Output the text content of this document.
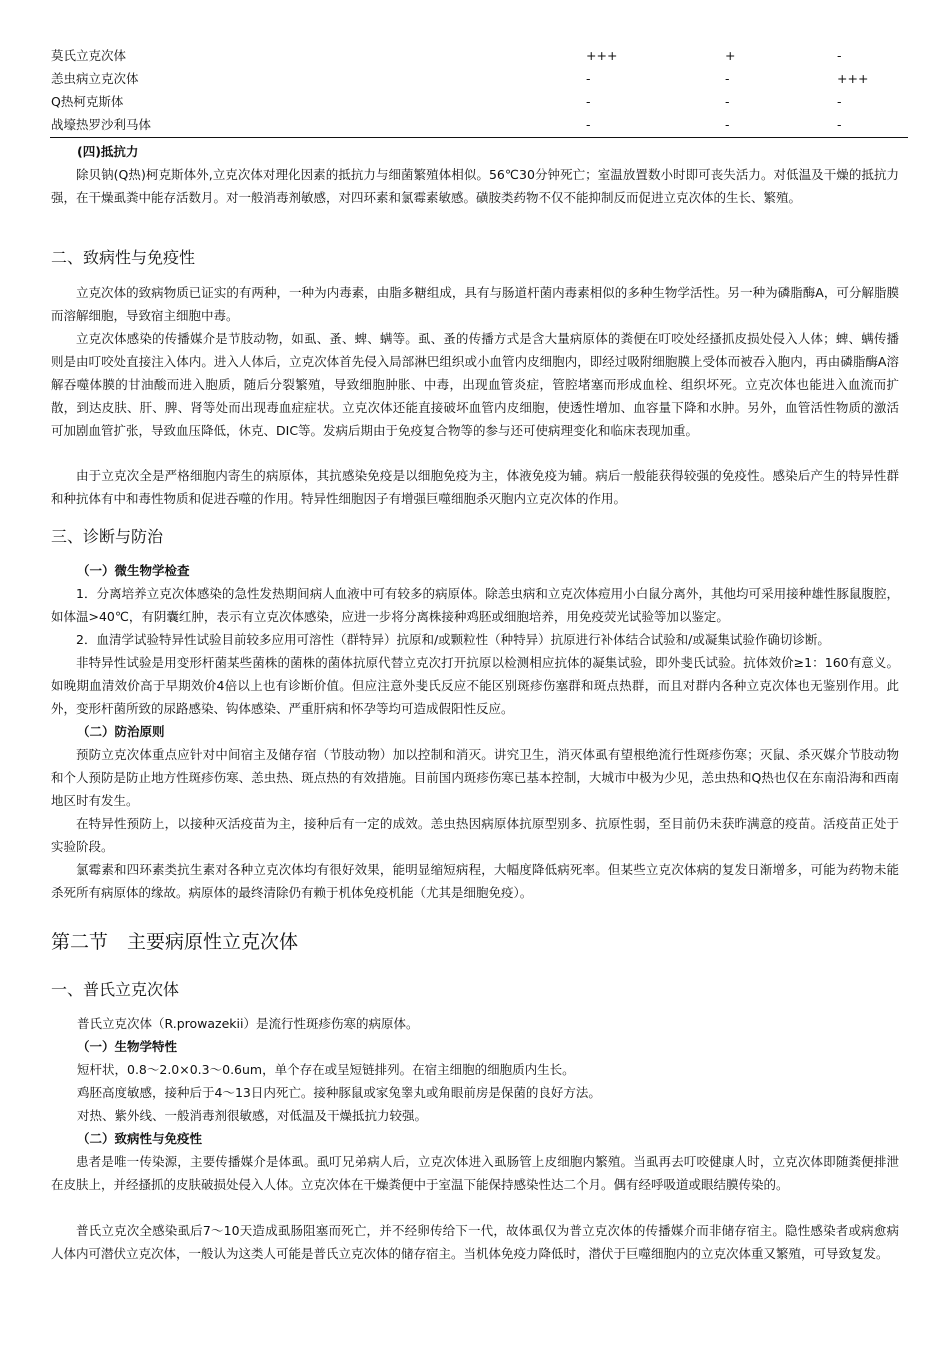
莫氏立克次体	+++	+	-
恙虫病立克次体	-	-	+++
Q热柯克斯体	-	-	-
战壕热罗沙利马体	-	-	-

(四)抵抗力

除贝钠(Q热)柯克斯体外,立克次体对理化因素的抵抗力与细菌繁殖体相似。56℃30分钟死亡；室温放置数小时即可丧失活力。对低温及干燥的抵抗力强，在干燥虱粪中能存活数月。对一般消毒剂敏感，对四环素和氯霉素敏感。磺胺类药物不仅不能抑制反而促进立克次体的生长、繁殖。

二、致病性与免疫性

立克次体的致病物质已证实的有两种，一种为内毒素，由脂多糖组成，具有与肠道杆菌内毒素相似的多种生物学活性。另一种为磷脂酶A，可分解脂膜而溶解细胞，导致宿主细胞中毒。

立克次体感染的传播媒介是节肢动物，如虱、蚤、蜱、螨等。虱、蚤的传播方式是含大量病原体的粪便在叮咬处经搔抓皮损处侵入人体；蜱、螨传播则是由叮咬处直接注入体内。进入人体后，立克次体首先侵入局部淋巴组织或小血管内皮细胞内，即经过吸附细胞膜上受体而被吞入胞内，再由磷脂酶A溶解吞噬体膜的甘油酸而进入胞质，随后分裂繁殖，导致细胞肿胀、中毒，出现血管炎症，管腔堵塞而形成血栓、组织坏死。立克次体也能进入血流而扩散，到达皮肤、肝、脾、肾等处而出现毒血症症状。立克次体还能直接破坏血管内皮细胞，使透性增加、血容量下降和水肿。另外，血管活性物质的激活可加剧血管扩张，导致血压降低，休克、DIC等。发病后期由于免疫复合物等的参与还可使病理变化和临床表现加重。

由于立克次全是严格细胞内寄生的病原体，其抗感染免疫是以细胞免疫为主，体液免疫为辅。病后一般能获得较强的免疫性。感染后产生的特异性群和种抗体有中和毒性物质和促进吞噬的作用。特异性细胞因子有增强巨噬细胞杀灭胞内立克次体的作用。

三、诊断与防治

（一）微生物学检查

1．分离培养立克次体感染的急性发热期间病人血液中可有较多的病原体。除恙虫病和立克次体痘用小白鼠分离外，其他均可采用接种雄性豚鼠腹腔，如体温>40℃，有阴囊红肿，表示有立克次体感染，应进一步将分离株接种鸡胚或细胞培养，用免疫荧光试验等加以鉴定。

2．血清学试验特异性试验目前较多应用可溶性（群特异）抗原和/或颗粒性（种特异）抗原进行补体结合试验和/或凝集试验作确切诊断。

非特异性试验是用变形杆菌某些菌株的菌株的菌体抗原代替立克次打开抗原以检测相应抗体的凝集试验，即外斐氏试验。抗体效价≥1：160有意义。如晚期血清效价高于早期效价4倍以上也有诊断价值。但应注意外斐氏反应不能区别斑疹伤塞群和斑点热群，而且对群内各种立克次体也无鉴别作用。此外，变形杆菌所致的尿路感染、钩体感染、严重肝病和怀孕等均可造成假阳性反应。

（二）防治原则

预防立克次体重点应针对中间宿主及储存宿（节肢动物）加以控制和消灭。讲究卫生，消灭体虱有望根绝流行性斑疹伤寒；灭鼠、杀灭媒介节肢动物和个人预防是防止地方性斑疹伤寒、恙虫热、斑点热的有效措施。目前国内斑疹伤寒已基本控制，大城市中极为少见，恙虫热和Q热也仅在东南沿海和西南地区时有发生。

在特异性预防上，以接种灭活疫苗为主，接种后有一定的成效。恙虫热因病原体抗原型别多、抗原性弱，至目前仍未获昨满意的疫苗。活疫苗正处于实验阶段。

氯霉素和四环素类抗生素对各种立克次体均有很好效果，能明显缩短病程，大幅度降低病死率。但某些立克次体病的复发日渐增多，可能为药物未能杀死所有病原体的缘故。病原体的最终清除仍有赖于机体免疫机能（尤其是细胞免疫）。

第二节　主要病原性立克次体
一、普氏立克次体

普氏立克次体（R.prowazekii）是流行性斑疹伤寒的病原体。

（一）生物学特性

短杆状，0.8～2.0×0.3～0.6um，单个存在或呈短链排列。在宿主细胞的细胞质内生长。

鸡胚高度敏感，接种后于4～13日内死亡。接种豚鼠或家兔睾丸或角眼前房是保菌的良好方法。

对热、紫外线、一般消毒剂很敏感，对低温及干燥抵抗力较强。

（二）致病性与免疫性

患者是唯一传染源，主要传播媒介是体虱。虱叮兄弟病人后，立克次体进入虱肠管上皮细胞内繁殖。当虱再去叮咬健康人时，立克次体即随粪便排泄在皮肤上，并经搔抓的皮肤破损处侵入人体。立克次体在干燥粪便中于室温下能保持感染性达二个月。偶有经呼吸道或眼结膜传染的。

普氏立克次全感染虱后7～10天造成虱肠阻塞而死亡，并不经卵传给下一代，故体虱仅为普立克次体的传播媒介而非储存宿主。隐性感染者或病愈病人体内可潜伏立克次体，一般认为这类人可能是普氏立克次体的储存宿主。当机体免疫力降低时，潜伏于巨噬细胞内的立克次体重又繁殖，可导致复发。
